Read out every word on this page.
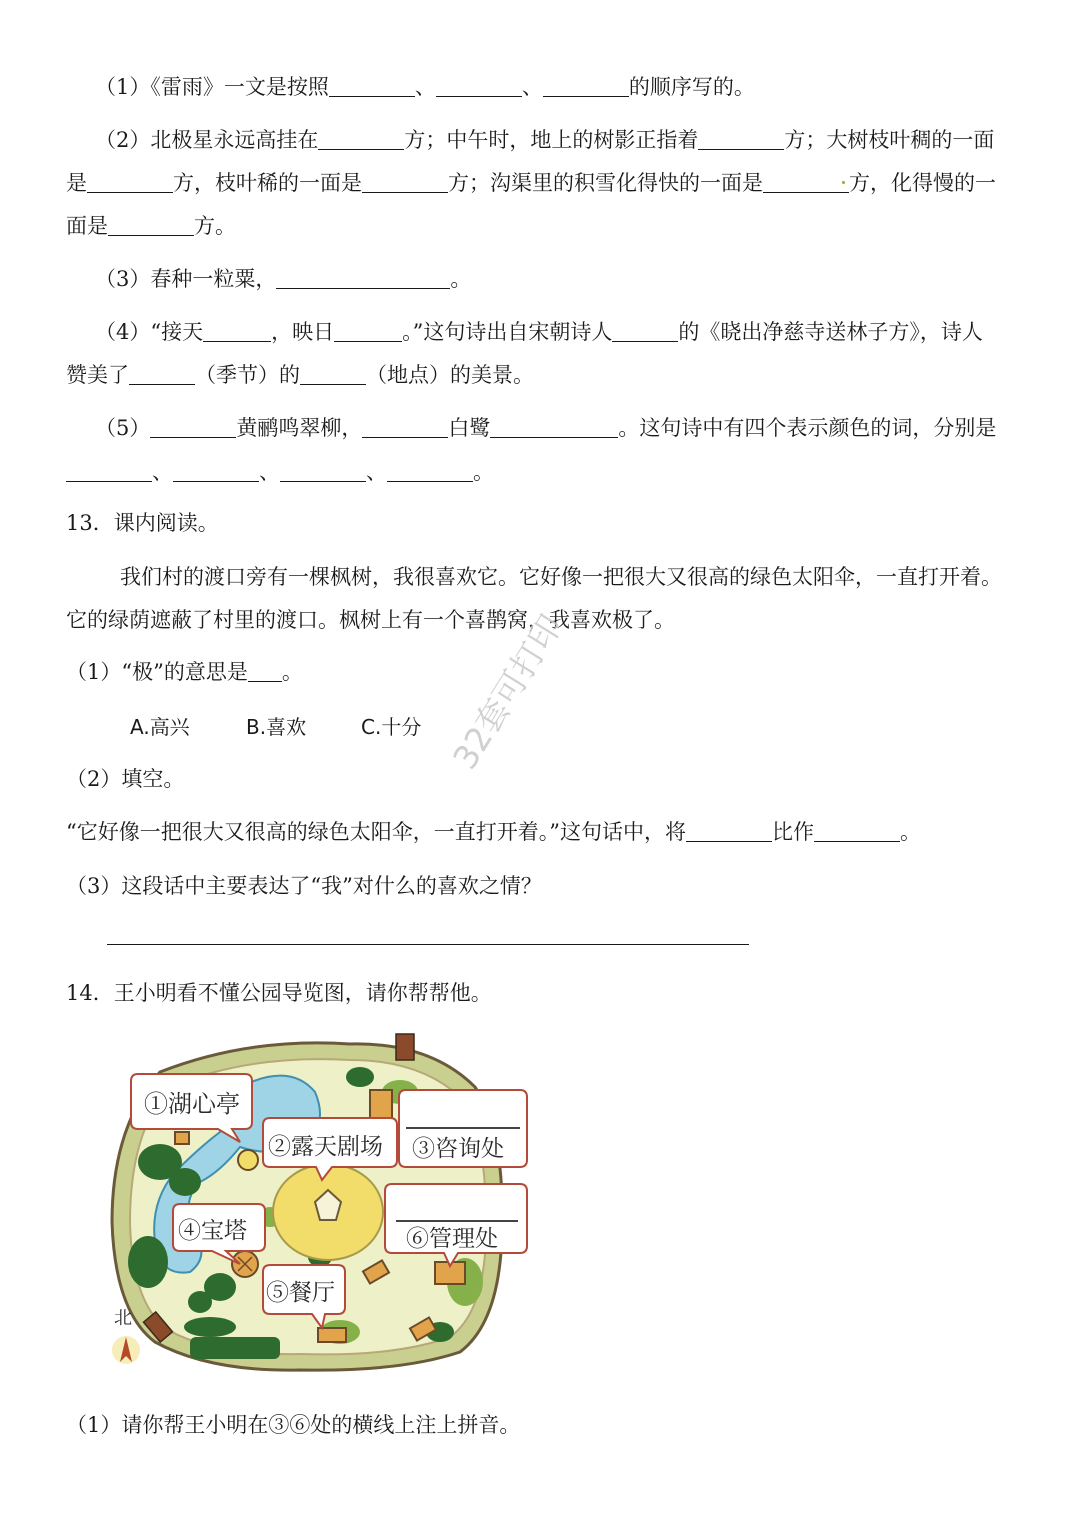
（1）《雷雨》一文是按照	、	、	的顺序写的。
（2）北极星永远高挂在	方；中午时，地上的树影正指着	方；大树枝叶稠的一面
是	方，枝叶稀的一面是	方；沟渠里的积雪化得快的一面是	方，化得慢的一
面是	方。
（3）春种一粒粟，	。
（4）“接天	，映日	。”这句诗出自宋朝诗人	的《晓出净慈寺送林子方》，诗人
赞美了	（季节）的	（地点）的美景。
（5）	黄鹂鸣翠柳，	白鹭	。这句诗中有四个表示颜色的词，分别是
、	、	、	。
13．课内阅读。
我们村的渡口旁有一棵枫树，我很喜欢它。它好像一把很大又很高的绿色太阳伞，一直打开着。
它的绿荫遮蔽了村里的渡口。枫树上有一个喜鹊窝，我喜欢极了。
（1）“极”的意思是 。
A.高兴	B.喜欢	C.十分
（2）填空。
“它好像一把很大又很高的绿色太阳伞，一直打开着。”这句话中，将	比作	。
（3）这段话中主要表达了“我”对什么的喜欢之情？
14．王小明看不懂公园导览图，请你帮帮他。
①湖心亭
②露天剧场 ③咨询处
④宝塔	⑥管理处
⑤餐厅
北
（1）请你帮王小明在③⑥处的横线上注上拼音。
32套可打印
